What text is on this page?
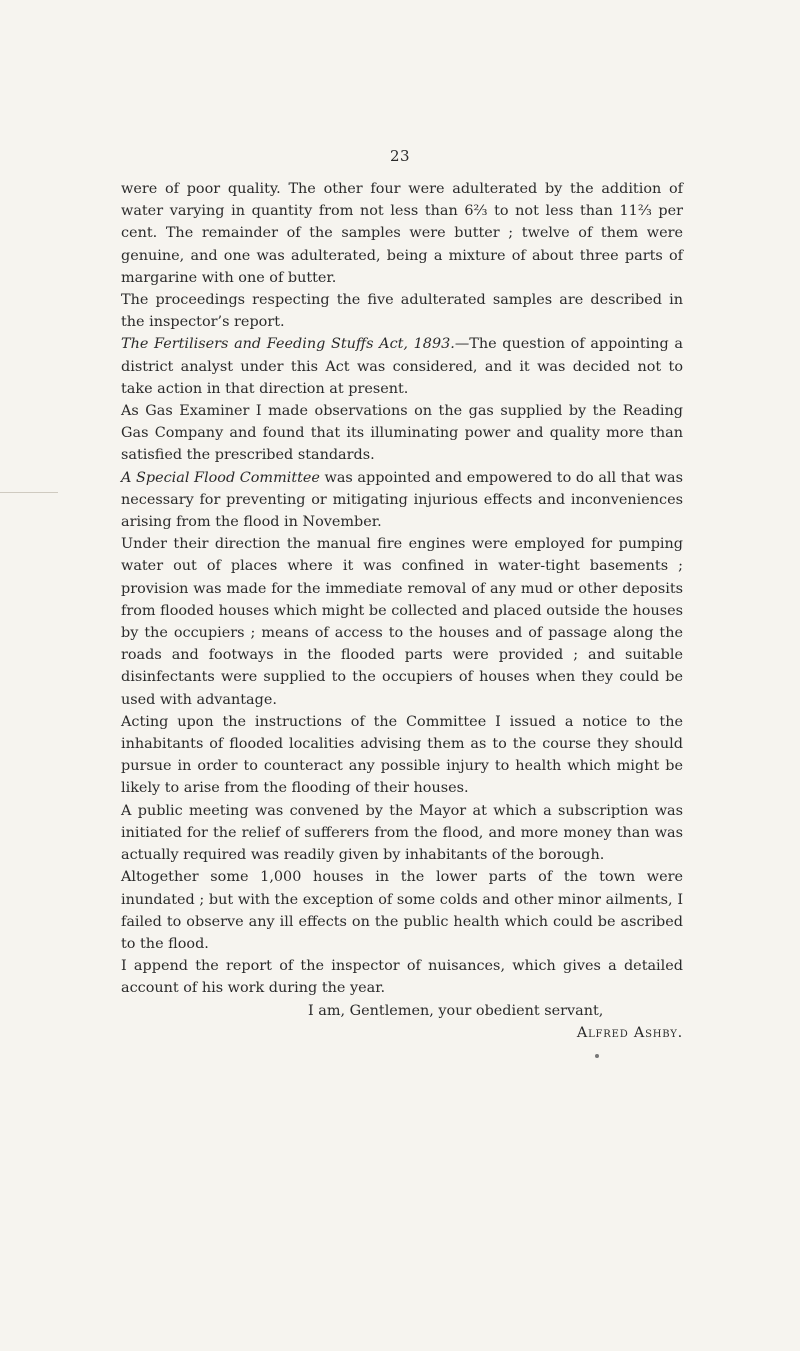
23

were of poor quality. The other four were adulterated by the addition of water varying in quantity from not less than 6⅔ to not less than 11⅔ per cent. The remainder of the samples were butter ; twelve of them were genuine, and one was adulterated, being a mixture of about three parts of margarine with one of butter.

The proceedings respecting the five adulterated samples are described in the inspector’s report.

The Fertilisers and Feeding Stuffs Act, 1893.—The question of appointing a district analyst under this Act was considered, and it was decided not to take action in that direction at present.

As Gas Examiner I made observations on the gas supplied by the Reading Gas Company and found that its illuminating power and quality more than satisfied the prescribed standards.

A Special Flood Committee was appointed and empowered to do all that was necessary for preventing or mitigating injurious effects and inconveniences arising from the flood in November.

Under their direction the manual fire engines were employed for pumping water out of places where it was confined in water-tight basements ; provision was made for the immediate removal of any mud or other deposits from flooded houses which might be collected and placed outside the houses by the occupiers ; means of access to the houses and of passage along the roads and footways in the flooded parts were provided ; and suitable disinfectants were supplied to the occupiers of houses when they could be used with advantage.

Acting upon the instructions of the Committee I issued a notice to the inhabitants of flooded localities advising them as to the course they should pursue in order to counteract any possible injury to health which might be likely to arise from the flooding of their houses.

A public meeting was convened by the Mayor at which a subscription was initiated for the relief of sufferers from the flood, and more money than was actually required was readily given by inhabitants of the borough.

Altogether some 1,000 houses in the lower parts of the town were inundated ; but with the exception of some colds and other minor ailments, I failed to observe any ill effects on the public health which could be ascribed to the flood.

I append the report of the inspector of nuisances, which gives a detailed account of his work during the year.

I am, Gentlemen, your obedient servant,

Alfred Ashby.
